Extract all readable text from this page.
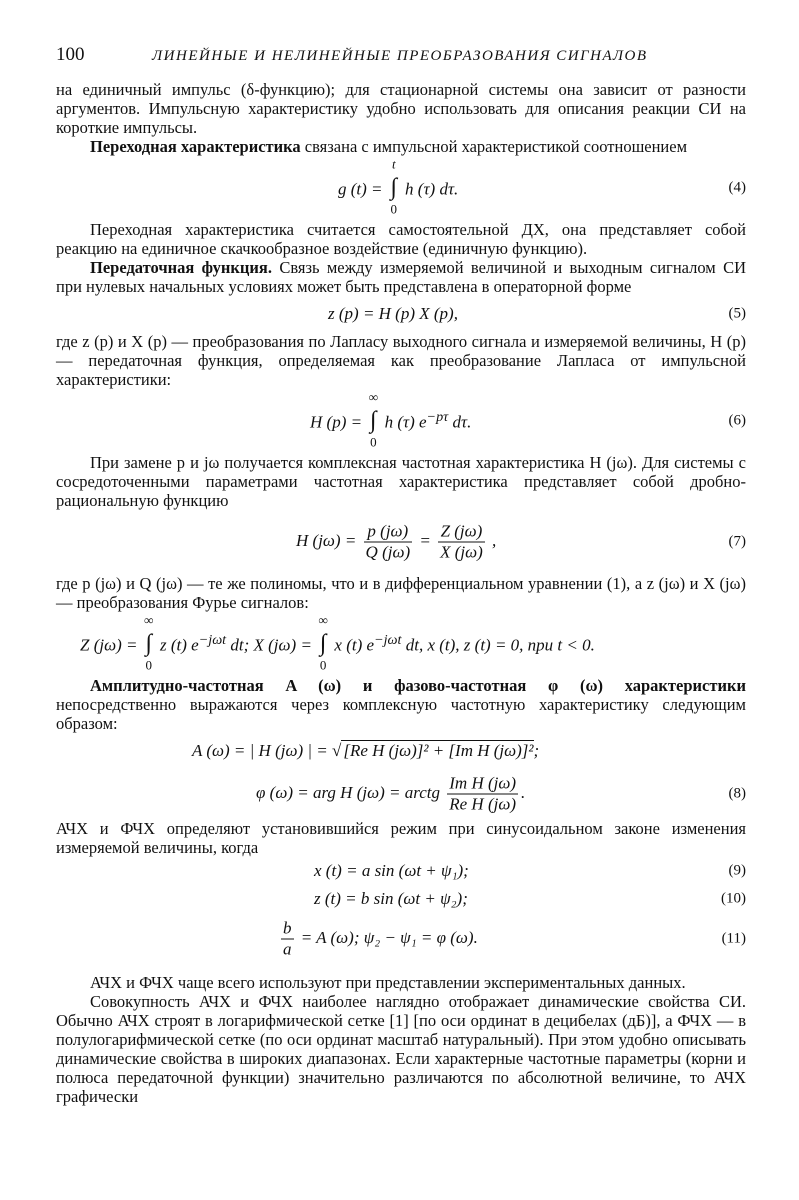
100	ЛИНЕЙНЫЕ И НЕЛИНЕЙНЫЕ ПРЕОБРАЗОВАНИЯ СИГНАЛОВ

на единичный импульс (δ-функцию); для стационарной системы она зависит от разности аргументов. Импульсную характеристику удобно использовать для описания реакции СИ на короткие импульсы.

Переходная характеристика связана с импульсной характеристикой соотношением

g (t) =
t
∫
0
h (τ) dτ.	(4)

Переходная характеристика считается самостоятельной ДХ, она представляет собой реакцию на единичное скачкообразное воздействие (единичную функцию).

Передаточная функция. Связь между измеряемой величиной и выходным сигналом СИ при нулевых начальных условиях может быть представлена в операторной форме

z (p) = H (p) X (p),	(5)

где z (p) и X (p) — преобразования по Лапласу выходного сигнала и измеряемой величины, H (p) — передаточная функция, определяемая как преобразование Лапласа от импульсной характеристики:

H (p) =
∞
∫
0
h (τ) $e^{-p\tau}$ dτ.	(6)

При замене p и jω получается комплексная частотная характеристика H (jω). Для системы с сосредоточенными параметрами частотная характеристика представляет собой дробно-рациональную функцию

H $(j\omega) = \frac{p (j\omega)}{Q (j\omega)} = \frac{Z (j\omega)}{X (j\omega)}$ ,	(7)

где p (jω) и Q (jω) — те же полиномы, что и в дифференциальном уравнении (1), а z (jω) и X (jω) — преобразования Фурье сигналов:

Z (jω) =
∞
∫
0
z (t) $e^{-j\omega t}$ dt; X (jω) =
∞
∫
0
x (t) $e^{-j\omega t}$ dt, x (t), z (t) = 0, при t < 0.

Амплитудно-частотная A (ω) и фазово-частотная φ (ω) характеристики непосредственно выражаются через комплексную частотную характеристику следующим образом:

A (ω) = | H (jω) | = √ [Re H (jω)]² + [Im H (jω)]²;
φ (ω) = arg H (jω) = arctg $\frac{\text{Im H (jω)}}{\text{Re H (jω)}}$ .	(8)

АЧХ и ФЧХ определяют установившийся режим при синусоидальном законе изменения измеряемой величины, когда

x (t) = a sin (ωt + ψ₁);	(9)
z (t) = b sin (ωt + ψ₂);	(10)
$\frac{b}{a} = A$ (ω); ψ₂ − ψ₁ = φ (ω).	(11)

АЧХ и ФЧХ чаще всего используют при представлении экспериментальных данных.

Совокупность АЧХ и ФЧХ наиболее наглядно отображает динамические свойства СИ. Обычно АЧХ строят в логарифмической сетке [1] [по оси ординат в децибелах (дБ)], а ФЧХ — в полулогарифмической сетке (по оси ординат масштаб натуральный). При этом удобно описывать динамические свойства в широких диапазонах. Если характерные частотные параметры (корни и полюса передаточной функции) значительно различаются по абсолютной величине, то АЧХ графически
